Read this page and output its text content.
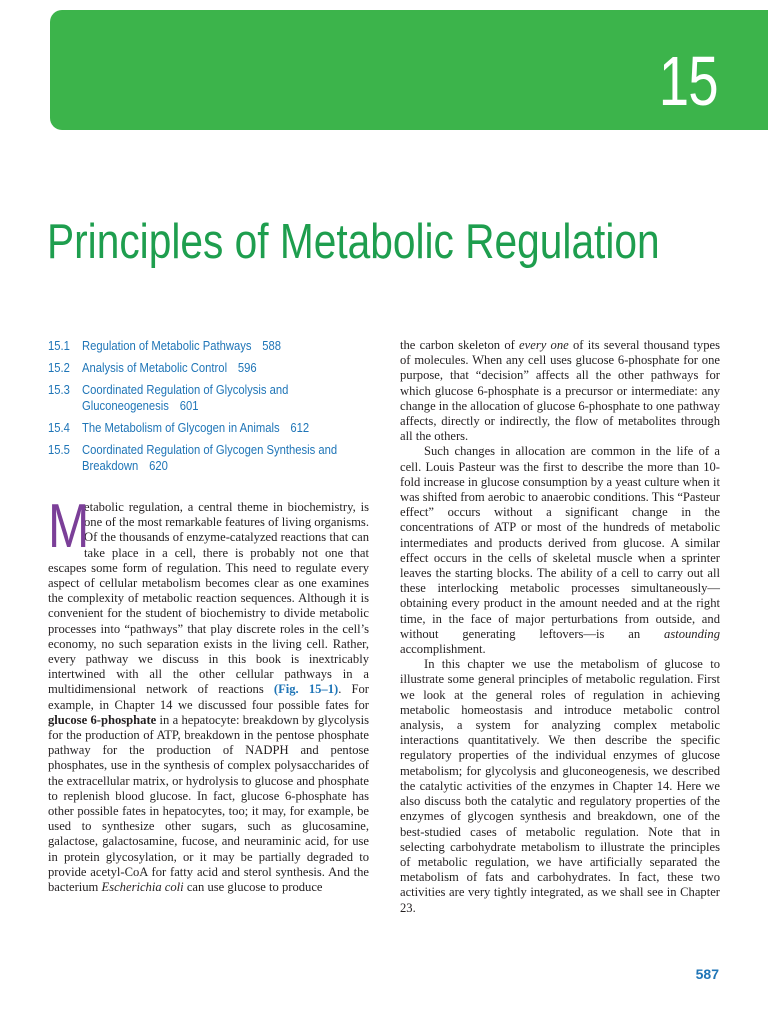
15
Principles of Metabolic Regulation
15.1 Regulation of Metabolic Pathways 588
15.2 Analysis of Metabolic Control 596
15.3 Coordinated Regulation of Glycolysis and
Gluconeogenesis 601
15.4 The Metabolism of Glycogen in Animals 612
15.5 Coordinated Regulation of Glycogen Synthesis and
Breakdown 620

M
etabolic regulation, a central theme in biochemistry, is one of the most remarkable features of living organisms. Of the thousands of enzyme-catalyzed reactions that can take place in a cell, there is probably not one that escapes some form of regulation. This need to regulate every aspect of cellular metabolism becomes clear as one examines the complexity of metabolic reaction sequences. Although it is convenient for the student of biochemistry to divide metabolic processes into “pathways” that play discrete roles in the cell’s economy, no such separation exists in the living cell. Rather, every pathway we discuss in this book is inextricably intertwined with all the other cellular pathways in a multidimensional network of reactions (Fig. 15–1). For example, in Chapter 14 we discussed four possible fates for glucose 6-phosphate in a hepatocyte: breakdown by glycolysis for the production of ATP, breakdown in the pentose phosphate pathway for the production of NADPH and pentose phosphates, use in the synthesis of complex polysaccharides of the extracellular matrix, or hydrolysis to glucose and phosphate to replenish blood glucose. In fact, glucose 6-phosphate has other possible fates in hepatocytes, too; it may, for example, be used to synthesize other sugars, such as glucosamine, galactose, galactosamine, fucose, and neuraminic acid, for use in protein glycosylation, or it may be partially degraded to provide acetyl-CoA for fatty acid and sterol synthesis. And the bacterium Escherichia coli can use glucose to produce

the carbon skeleton of every one of its several thousand types of molecules. When any cell uses glucose 6-phosphate for one purpose, that “decision” affects all the other pathways for which glucose 6-phosphate is a precursor or intermediate: any change in the allocation of glucose 6-phosphate to one pathway affects, directly or indirectly, the flow of metabolites through all the others.

Such changes in allocation are common in the life of a cell. Louis Pasteur was the first to describe the more than 10-fold increase in glucose consumption by a yeast culture when it was shifted from aerobic to anaerobic conditions. This “Pasteur effect” occurs without a significant change in the concentrations of ATP or most of the hundreds of metabolic intermediates and products derived from glucose. A similar effect occurs in the cells of skeletal muscle when a sprinter leaves the starting blocks. The ability of a cell to carry out all these interlocking metabolic processes simultaneously—obtaining every product in the amount needed and at the right time, in the face of major perturbations from outside, and without generating leftovers—is an astounding accomplishment.

In this chapter we use the metabolism of glucose to illustrate some general principles of metabolic regulation. First we look at the general roles of regulation in achieving metabolic homeostasis and introduce metabolic control analysis, a system for analyzing complex metabolic interactions quantitatively. We then describe the specific regulatory properties of the individual enzymes of glucose metabolism; for glycolysis and gluconeogenesis, we described the catalytic activities of the enzymes in Chapter 14. Here we also discuss both the catalytic and regulatory properties of the enzymes of glycogen synthesis and breakdown, one of the best-studied cases of metabolic regulation. Note that in selecting carbohydrate metabolism to illustrate the principles of metabolic regulation, we have artificially separated the metabolism of fats and carbohydrates. In fact, these two activities are very tightly integrated, as we shall see in Chapter 23.

587
